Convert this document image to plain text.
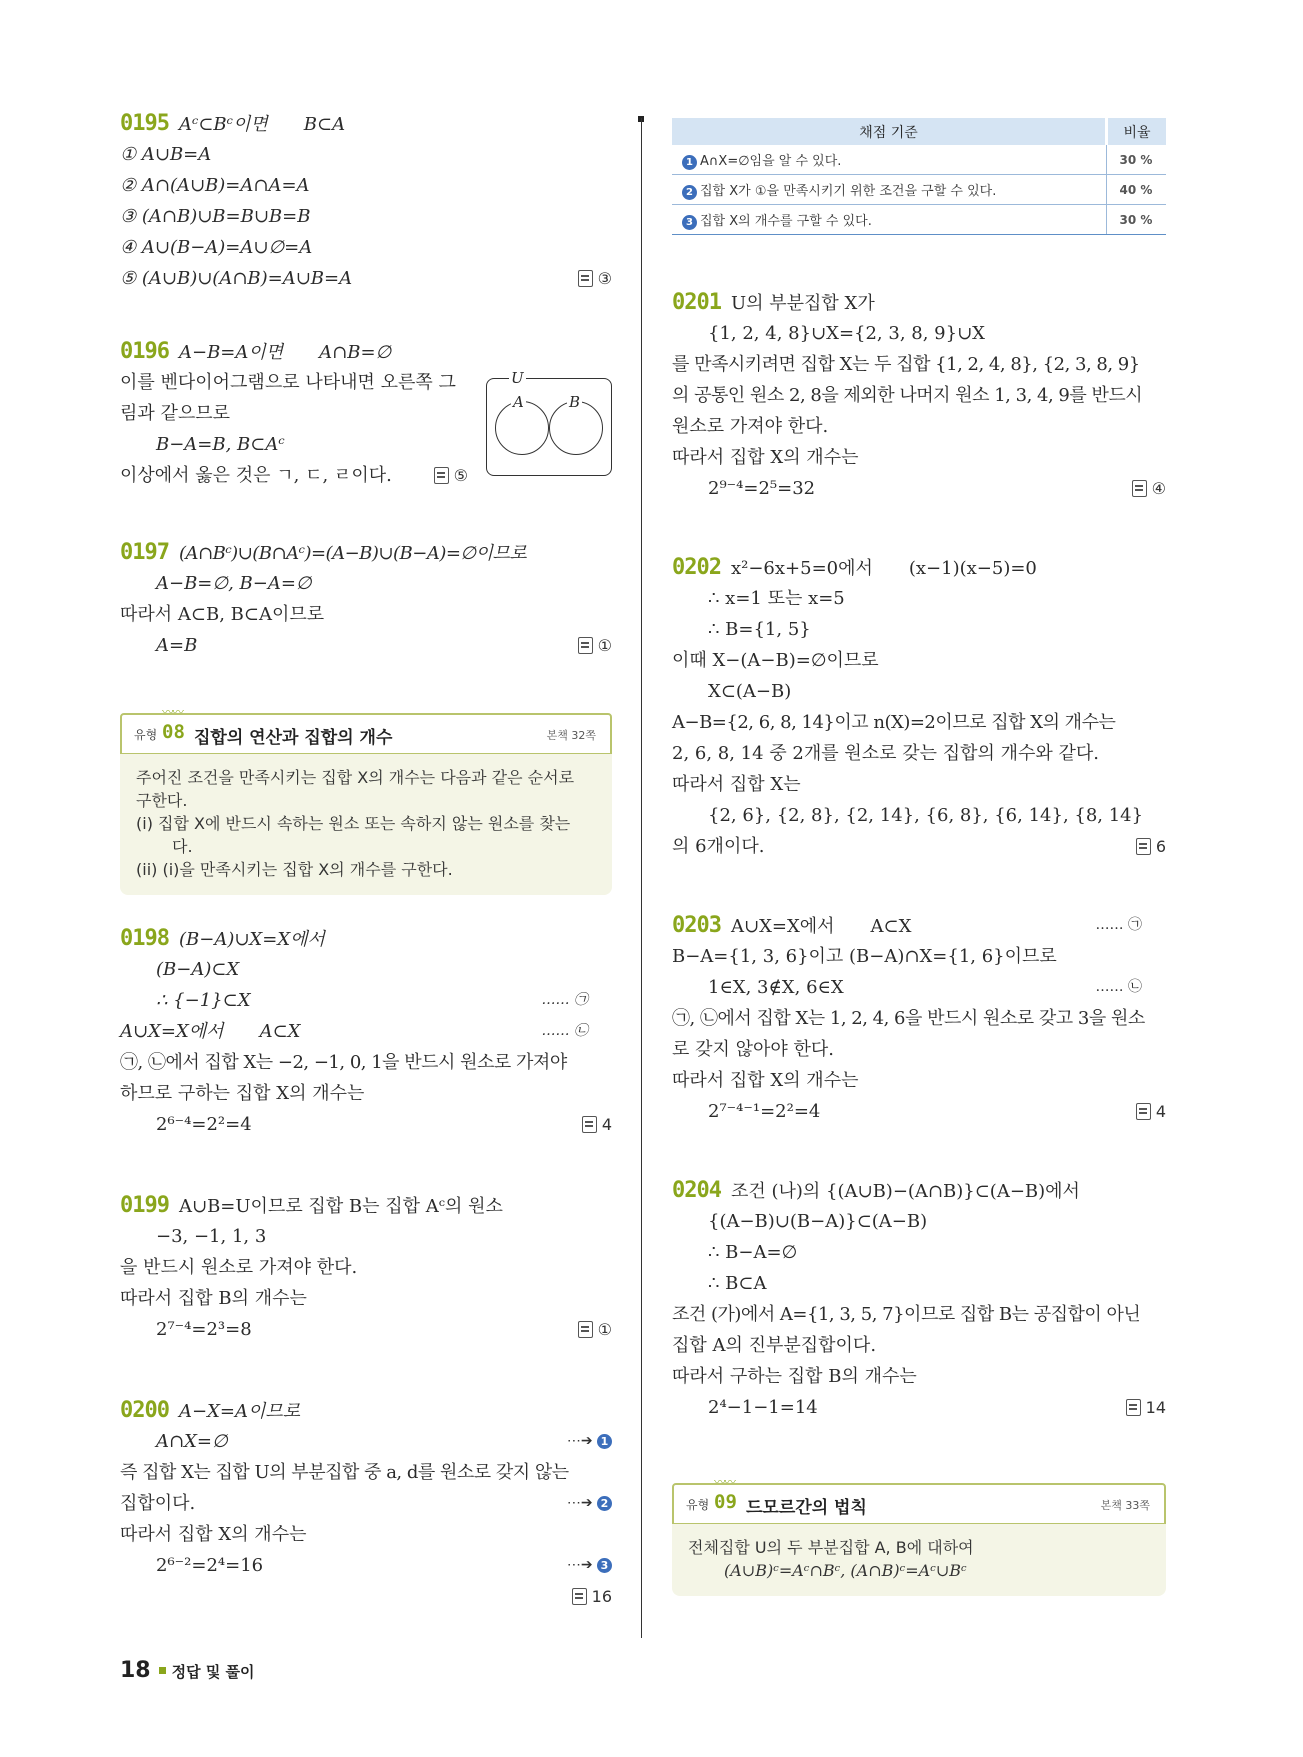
0195 Aᶜ⊂Bᶜ이면  B⊂A
① A∪B=A
② A∩(A∪B)=A∩A=A
③ (A∩B)∪B=B∪B=B
④ A∪(B−A)=A∪∅=A
⑤ (A∪B)∪(A∩B)=A∪B=A	③
0196 A−B=A이면  A∩B=∅
이를 벤다이어그램으로 나타내면 오른쪽 그
림과 같으므로
B−A=B, B⊂Aᶜ
이상에서 옳은 것은 ㄱ, ㄷ, ㄹ이다.	⑤
U
A	B
0197 (A∩Bᶜ)∪(B∩Aᶜ)=(A−B)∪(B−A)=∅이므로
A−B=∅, B−A=∅
따라서 A⊂B, B⊂A이므로
A=B	①
〰〰
유형 08 집합의 연산과 집합의 개수	본책 32쪽
주어진 조건을 만족시키는 집합 X의 개수는 다음과 같은 순서로
구한다.
(i) 집합 X에 반드시 속하는 원소 또는 속하지 않는 원소를 찾는
다.
(ii) (i)을 만족시키는 집합 X의 개수를 구한다.
0198 (B−A)∪X=X에서
(B−A)⊂X
∴ {−1}⊂X	…… ㉠
A∪X=X에서  A⊂X	…… ㉡
㉠, ㉡에서 집합 X는 −2, −1, 0, 1을 반드시 원소로 가져야
하므로 구하는 집합 X의 개수는
2⁶⁻⁴=2²=4	4
0199 A∪B=U이므로 집합 B는 집합 Aᶜ의 원소
−3, −1, 1, 3
을 반드시 원소로 가져야 한다.
따라서 집합 B의 개수는
2⁷⁻⁴=2³=8	①
0200 A−X=A이므로
A∩X=∅	⋯➔ 1
즉 집합 X는 집합 U의 부분집합 중 a, d를 원소로 갖지 않는
집합이다.	⋯➔ 2
따라서 집합 X의 개수는
2⁶⁻²=2⁴=16	⋯➔ 3
16
채점 기준	비율
1 A∩X=∅임을 알 수 있다.	30 %
2 집합 X가 ①을 만족시키기 위한 조건을 구할 수 있다.	40 %
3 집합 X의 개수를 구할 수 있다.	30 %
0201 U의 부분집합 X가
{1, 2, 4, 8}∪X={2, 3, 8, 9}∪X
를 만족시키려면 집합 X는 두 집합 {1, 2, 4, 8}, {2, 3, 8, 9}
의 공통인 원소 2, 8을 제외한 나머지 원소 1, 3, 4, 9를 반드시
원소로 가져야 한다.
따라서 집합 X의 개수는
2⁹⁻⁴=2⁵=32	④
0202 x²−6x+5=0에서  (x−1)(x−5)=0
∴ x=1 또는 x=5
∴ B={1, 5}
이때 X−(A−B)=∅이므로
X⊂(A−B)
A−B={2, 6, 8, 14}이고 n(X)=2이므로 집합 X의 개수는
2, 6, 8, 14 중 2개를 원소로 갖는 집합의 개수와 같다.
따라서 집합 X는
{2, 6}, {2, 8}, {2, 14}, {6, 8}, {6, 14}, {8, 14}
의 6개이다.	6
0203 A∪X=X에서  A⊂X	…… ㉠
B−A={1, 3, 6}이고 (B−A)∩X={1, 6}이므로
1∈X, 3∉X, 6∈X	…… ㉡
㉠, ㉡에서 집합 X는 1, 2, 4, 6을 반드시 원소로 갖고 3을 원소
로 갖지 않아야 한다.
따라서 집합 X의 개수는
2⁷⁻⁴⁻¹=2²=4	4
0204 조건 (나)의 {(A∪B)−(A∩B)}⊂(A−B)에서
{(A−B)∪(B−A)}⊂(A−B)
∴ B−A=∅
∴ B⊂A
조건 (가)에서 A={1, 3, 5, 7}이므로 집합 B는 공집합이 아닌
집합 A의 진부분집합이다.
따라서 구하는 집합 B의 개수는
2⁴−1−1=14	14
〰〰
유형 09 드모르간의 법칙	본책 33쪽
전체집합 U의 두 부분집합 A, B에 대하여
(A∪B)ᶜ=Aᶜ∩Bᶜ, (A∩B)ᶜ=Aᶜ∪Bᶜ
18 정답 및 풀이
